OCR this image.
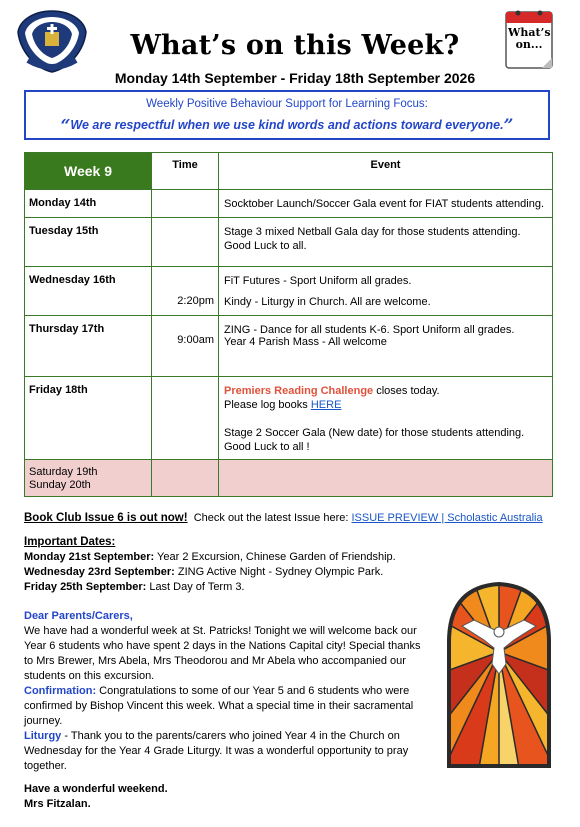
What’s on...
What’s on this Week?
Monday 14th September - Friday 18th September 2026
Weekly Positive Behaviour Support for Learning Focus:
“We are respectful when we use kind words and actions toward everyone.”
Week 9	Time	Event
Monday 14th		Socktober Launch/Soccer Gala event for FIAT students attending.

Tuesday 15th		Stage 3 mixed Netball Gala day for those students attending.
Good Luck to all.

Wednesday 16th	2:20pm	FiT Futures - Sport Uniform all grades.
Kindy - Liturgy in Church. All are welcome.

Thursday 17th	9:00am	ZING - Dance for all students K-6. Sport Uniform all grades.
Year 4 Parish Mass - All welcome

Friday 18th		Premiers Reading Challenge closes today.
Please log books HERE
Stage 2 Soccer Gala (New date) for those students attending.
Good Luck to all !

Saturday 19th
Sunday 20th		

Book Club Issue 6 is out now! Check out the latest Issue here: ISSUE PREVIEW | Scholastic Australia
Important Dates:
Monday 21st September: Year 2 Excursion, Chinese Garden of Friendship.
Wednesday 23rd September: ZING Active Night - Sydney Olympic Park.
Friday 25th September: Last Day of Term 3.
Dear Parents/Carers,
We have had a wonderful week at St. Patricks! Tonight we will welcome back our Year 6 students who have spent 2 days in the Nations Capital city! Special thanks to Mrs Brewer, Mrs Abela, Mrs Theodorou and Mr Abela who accompanied our students on this excursion.
Confirmation: Congratulations to some of our Year 5 and 6 students who were confirmed by Bishop Vincent this week. What a special time in their sacramental journey.
Liturgy - Thank you to the parents/carers who joined Year 4 in the Church on Wednesday for the Year 4 Grade Liturgy. It was a wonderful opportunity to pray together.
Have a wonderful weekend.
Mrs Fitzalan.
